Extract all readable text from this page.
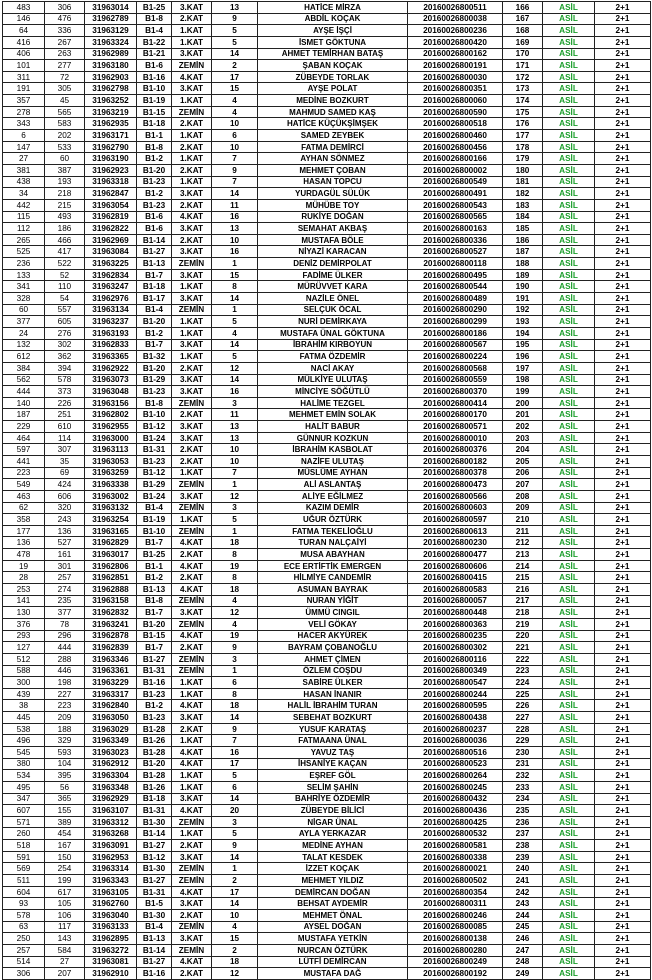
483	306	31963014	B1-25	3.KAT	13	HATİCE MİRZA	20160026800511	166	ASİL	2+1
146	476	31962789	B1-8	2.KAT	9	ABDİL KOÇAK	20160026800038	167	ASİL	2+1
64	336	31963129	B1-4	1.KAT	5	AYŞE İŞÇİ	20160026800236	168	ASİL	2+1
416	267	31963324	B1-22	1.KAT	5	İSMET GÖKTUNA	20160026800420	169	ASİL	2+1
406	263	31962989	B1-21	3.KAT	14	AHMET TEMİRHAN BATAŞ	20160026800162	170	ASİL	2+1
101	277	31963180	B1-6	ZEMİN	2	ŞABAN KOÇAK	20160026800191	171	ASİL	2+1
311	72	31962903	B1-16	4.KAT	17	ZÜBEYDE TORLAK	20160026800030	172	ASİL	2+1
191	305	31962798	B1-10	3.KAT	15	AYŞE POLAT	20160026800351	173	ASİL	2+1
357	45	31963252	B1-19	1.KAT	4	MEDİNE BOZKURT	20160026800060	174	ASİL	2+1
278	565	31963219	B1-15	ZEMİN	4	MAHMUD SAMED KAŞ	20160026800590	175	ASİL	2+1
343	583	31962935	B1-18	2.KAT	10	HATİCE KÜÇÜKŞİMŞEK	20160026800518	176	ASİL	2+1
6	202	31963171	B1-1	1.KAT	6	SAMED ZEYBEK	20160026800460	177	ASİL	2+1
147	533	31962790	B1-8	2.KAT	10	FATMA DEMİRCİ	20160026800456	178	ASİL	2+1
27	60	31963190	B1-2	1.KAT	7	AYHAN SÖNMEZ	20160026800166	179	ASİL	2+1
381	387	31962923	B1-20	2.KAT	9	MEHMET ÇOBAN	20160026800002	180	ASİL	2+1
438	193	31963318	B1-23	1.KAT	7	HASAN TOPCU	20160026800549	181	ASİL	2+1
34	218	31962847	B1-2	3.KAT	14	YURDAGÜL SÜLÜK	20160026800491	182	ASİL	2+1
442	215	31963054	B1-23	2.KAT	11	MÜHÜBE TOY	20160026800543	183	ASİL	2+1
115	493	31962819	B1-6	4.KAT	16	RUKİYE DOĞAN	20160026800565	184	ASİL	2+1
112	186	31962822	B1-6	3.KAT	13	SEMAHAT AKBAŞ	20160026800163	185	ASİL	2+1
265	466	31962969	B1-14	2.KAT	10	MUSTAFA BÖLE	20160026800336	186	ASİL	2+1
525	417	31963084	B1-27	3.KAT	16	NİYAZİ KARACAN	20160026800527	187	ASİL	2+1
236	522	31963225	B1-13	ZEMİN	1	DENİZ DEMİRPOLAT	20160026800118	188	ASİL	2+1
133	52	31962834	B1-7	3.KAT	15	FADİME ÜLKER	20160026800495	189	ASİL	2+1
341	110	31963247	B1-18	1.KAT	8	MÜRÜVVET KARA	20160026800544	190	ASİL	2+1
328	54	31962976	B1-17	3.KAT	14	NAZİLE ÖNEL	20160026800489	191	ASİL	2+1
60	557	31963134	B1-4	ZEMİN	1	SELÇUK ÖCAL	20160026800290	192	ASİL	2+1
377	605	31963237	B1-20	1.KAT	5	NURİ DEMİRKAYA	20160026800299	193	ASİL	2+1
24	276	31963193	B1-2	1.KAT	4	MUSTAFA ÜNAL GÖKTUNA	20160026800186	194	ASİL	2+1
132	302	31962833	B1-7	3.KAT	14	İBRAHİM KIRBOYUN	20160026800567	195	ASİL	2+1
612	362	31963365	B1-32	1.KAT	5	FATMA ÖZDEMİR	20160026800224	196	ASİL	2+1
384	394	31962922	B1-20	2.KAT	12	NACİ AKAY	20160026800568	197	ASİL	2+1
562	578	31963073	B1-29	3.KAT	14	MÜLKİYE ULUTAŞ	20160026800559	198	ASİL	2+1
444	373	31963048	B1-23	3.KAT	16	MİNCİYE SÖĞÜTLÜ	20160026800370	199	ASİL	2+1
140	226	31963156	B1-8	ZEMİN	3	HALİME TEZGEL	20160026800414	200	ASİL	2+1
187	251	31962802	B1-10	2.KAT	11	MEHMET EMİN SOLAK	20160026800170	201	ASİL	2+1
229	610	31962955	B1-12	3.KAT	13	HALİT BABUR	20160026800571	202	ASİL	2+1
464	114	31963000	B1-24	3.KAT	13	GÜNNUR KOZKUN	20160026800010	203	ASİL	2+1
597	307	31963113	B1-31	2.KAT	10	İBRAHİM KASBOLAT	20160026800376	204	ASİL	2+1
441	35	31963053	B1-23	2.KAT	10	NAZİFE ULUTAŞ	20160026800182	205	ASİL	2+1
223	69	31963259	B1-12	1.KAT	7	MÜSLÜME AYHAN	20160026800378	206	ASİL	2+1
549	424	31963338	B1-29	ZEMİN	1	ALİ ASLANTAŞ	20160026800473	207	ASİL	2+1
463	606	31963002	B1-24	3.KAT	12	ALİYE EĞİLMEZ	20160026800566	208	ASİL	2+1
62	320	31963132	B1-4	ZEMİN	3	KAZIM DEMİR	20160026800603	209	ASİL	2+1
358	243	31963254	B1-19	1.KAT	5	UĞUR ÖZTÜRK	20160026800597	210	ASİL	2+1
177	136	31963165	B1-10	ZEMİN	1	FATMA TEKELİOĞLU	20160026800613	211	ASİL	2+1
136	527	31962829	B1-7	4.KAT	18	TURAN NALÇAİYİ	20160026800230	212	ASİL	2+1
478	161	31963017	B1-25	2.KAT	8	MUSA ABAYHAN	20160026800477	213	ASİL	2+1
19	301	31962806	B1-1	4.KAT	19	ECE ERTİFTİK EMERGEN	20160026800606	214	ASİL	2+1
28	257	31962851	B1-2	2.KAT	8	HİLMİYE CANDEMİR	20160026800415	215	ASİL	2+1
253	274	31962888	B1-13	4.KAT	18	ASUMAN BAYRAK	20160026800583	216	ASİL	2+1
141	235	31963158	B1-8	ZEMİN	4	NURAN YİĞİT	20160026800057	217	ASİL	2+1
130	377	31962832	B1-7	3.KAT	12	ÜMMÜ CINGIL	20160026800448	218	ASİL	2+1
376	78	31963241	B1-20	ZEMİN	4	VELİ GÖKAY	20160026800363	219	ASİL	2+1
293	296	31962878	B1-15	4.KAT	19	HACER AKYÜREK	20160026800235	220	ASİL	2+1
127	444	31962839	B1-7	2.KAT	9	BAYRAM ÇOBANOĞLU	20160026800302	221	ASİL	2+1
512	288	31963346	B1-27	ZEMİN	3	AHMET ÇİMEN	20160026800116	222	ASİL	2+1
588	446	31963361	B1-31	ZEMİN	1	ÖZLEM COŞDU	20160026800349	223	ASİL	2+1
300	198	31963229	B1-16	1.KAT	6	SABİRE ÜLKER	20160026800547	224	ASİL	2+1
439	227	31963317	B1-23	1.KAT	8	HASAN İNANIR	20160026800244	225	ASİL	2+1
38	223	31962840	B1-2	4.KAT	18	HALİL İBRAHİM TURAN	20160026800595	226	ASİL	2+1
445	209	31963050	B1-23	3.KAT	14	SEBEHAT BOZKURT	20160026800438	227	ASİL	2+1
538	188	31963029	B1-28	2.KAT	9	YUSUF KARATAŞ	20160026800237	228	ASİL	2+1
496	329	31963349	B1-26	1.KAT	7	FATMAANA ÜNAL	20160026800036	229	ASİL	2+1
545	593	31963023	B1-28	4.KAT	16	YAVUZ TAŞ	20160026800516	230	ASİL	2+1
380	104	31962912	B1-20	4.KAT	17	İHSANİYE KAÇAN	20160026800523	231	ASİL	2+1
534	395	31963304	B1-28	1.KAT	5	EŞREF GÖL	20160026800264	232	ASİL	2+1
495	56	31963348	B1-26	1.KAT	6	SELİM ŞAHİN	20160026800245	233	ASİL	2+1
347	365	31962929	B1-18	3.KAT	14	BAHRİYE ÖZDEMİR	20160026800432	234	ASİL	2+1
607	155	31963107	B1-31	4.KAT	20	ZÜBEYDE BİLİCİ	20160026800436	235	ASİL	2+1
571	389	31963312	B1-30	ZEMİN	3	NİGAR ÜNAL	20160026800425	236	ASİL	2+1
260	454	31963268	B1-14	1.KAT	5	AYLA YERKAZAR	20160026800532	237	ASİL	2+1
518	167	31963091	B1-27	2.KAT	9	MEDİNE AYHAN	20160026800581	238	ASİL	2+1
591	150	31962953	B1-12	3.KAT	14	TALAT KESDEK	20160026800338	239	ASİL	2+1
569	254	31963314	B1-30	ZEMİN	1	İZZET KOÇAK	20160026800021	240	ASİL	2+1
511	199	31963343	B1-27	ZEMİN	2	MEHMET YILDIZ	20160026800502	241	ASİL	2+1
604	617	31963105	B1-31	4.KAT	17	DEMİRCAN DOĞAN	20160026800354	242	ASİL	2+1
93	105	31962760	B1-5	3.KAT	14	BEHSAT AYDEMİR	20160026800311	243	ASİL	2+1
578	106	31963040	B1-30	2.KAT	10	MEHMET ÖNAL	20160026800246	244	ASİL	2+1
63	117	31963133	B1-4	ZEMİN	4	AYSEL DOĞAN	20160026800085	245	ASİL	2+1
250	143	31962895	B1-13	3.KAT	15	MUSTAFA YETKİN	20160026800138	246	ASİL	2+1
257	584	31963272	B1-14	ZEMİN	2	NURCAN ÖZTÜRK	20160026800280	247	ASİL	2+1
514	27	31963081	B1-27	4.KAT	18	LÜTFİ DEMİRCAN	20160026800249	248	ASİL	2+1
306	207	31962910	B1-16	2.KAT	12	MUSTAFA DAĞ	20160026800192	249	ASİL	2+1
